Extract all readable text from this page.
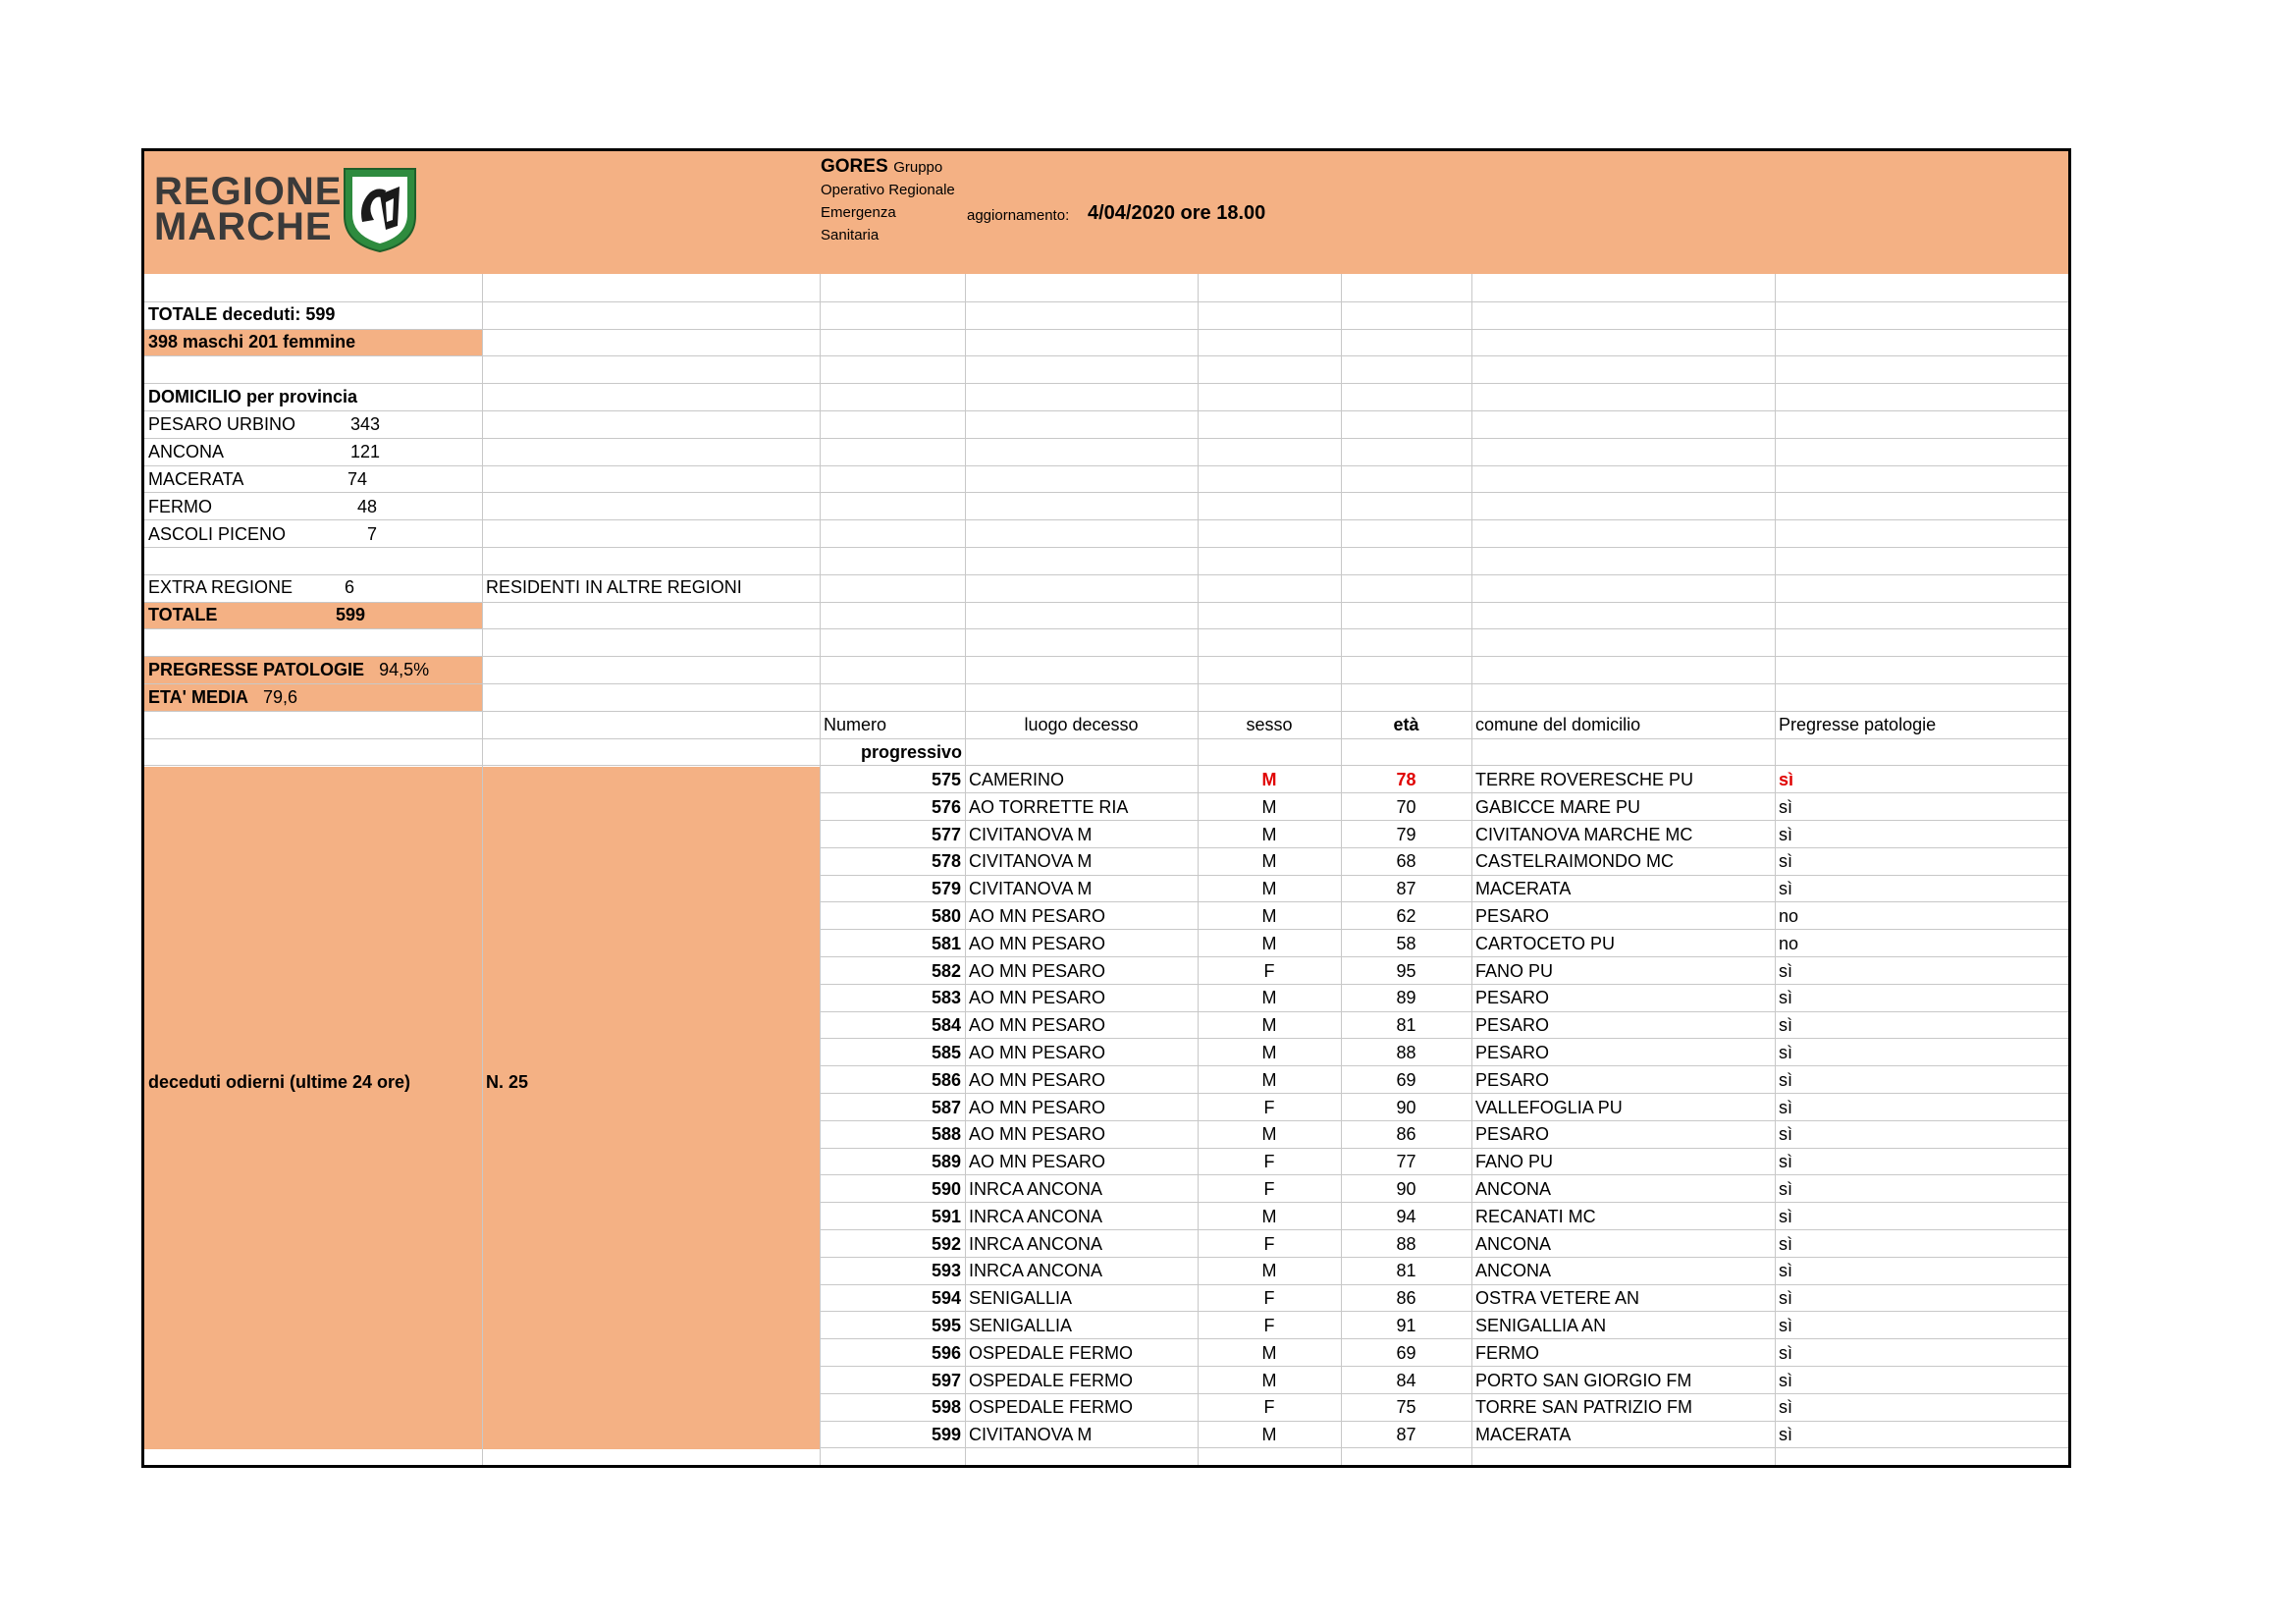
REGIONE
MARCHE
GORES Gruppo
Operativo Regionale
Emergenza
Sanitaria
aggiornamento: 4/04/2020 ore 18.00
TOTALE deceduti: 599
398 maschi 201 femmine
DOMICILIO per provincia
PESARO URBINO	343
ANCONA	121
MACERATA	74
FERMO	48
ASCOLI PICENO	7
EXTRA REGIONE	6	RESIDENTI IN ALTRE REGIONI
TOTALE	599
PREGRESSE PATOLOGIE 94,5%
ETA' MEDIA 79,6
deceduti odierni (ultime 24 ore)	N. 25
Numero
progressivo
luogo decesso	sesso	età	comune del domicilio	Pregresse patologie
575 CAMERINO	M	78	TERRE ROVERESCHE PU	sì
576 AO TORRETTE RIA	M	70	GABICCE MARE PU	sì
577 CIVITANOVA M	M	79	CIVITANOVA MARCHE MC	sì
578 CIVITANOVA M	M	68	CASTELRAIMONDO MC	sì
579 CIVITANOVA M	M	87	MACERATA	sì
580 AO MN PESARO	M	62	PESARO	no
581 AO MN PESARO	M	58	CARTOCETO PU	no
582 AO MN PESARO	F	95	FANO PU	sì
583 AO MN PESARO	M	89	PESARO	sì
584 AO MN PESARO	M	81	PESARO	sì
585 AO MN PESARO	M	88	PESARO	sì
586 AO MN PESARO	M	69	PESARO	sì
587 AO MN PESARO	F	90	VALLEFOGLIA PU	sì
588 AO MN PESARO	M	86	PESARO	sì
589 AO MN PESARO	F	77	FANO PU	sì
590 INRCA ANCONA	F	90	ANCONA	sì
591 INRCA ANCONA	M	94	RECANATI MC	sì
592 INRCA ANCONA	F	88	ANCONA	sì
593 INRCA ANCONA	M	81	ANCONA	sì
594 SENIGALLIA	F	86	OSTRA VETERE AN	sì
595 SENIGALLIA	F	91	SENIGALLIA AN	sì
596 OSPEDALE FERMO	M	69	FERMO	sì
597 OSPEDALE FERMO	M	84	PORTO SAN GIORGIO FM	sì
598 OSPEDALE FERMO	F	75	TORRE SAN PATRIZIO FM	sì
599 CIVITANOVA M	M	87	MACERATA	sì
